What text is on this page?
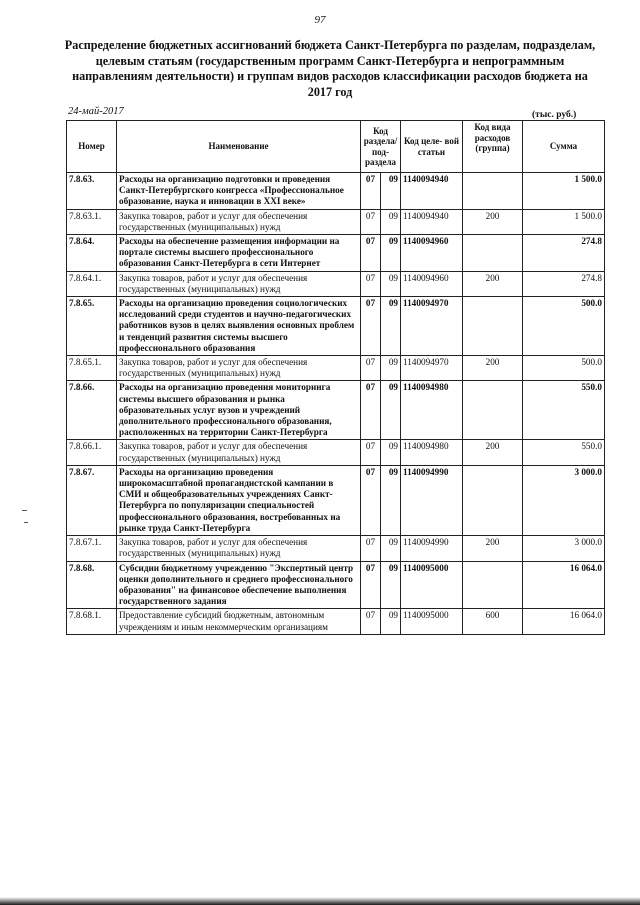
97
Распределение бюджетных ассигнований бюджета Санкт-Петербурга по разделам, подразделам, целевым статьям (государственным программ Санкт-Петербурга и непрограммным направлениям деятельности) и группам видов расходов классификации расходов бюджета на 2017 год
24-май-2017	(тыс. руб.)
Номер	Наименование	Код раздела/ под- раздела		Код целе- вой статьи	Код вида расходов (группа)	Сумма
7.8.63.	Расходы на организацию подготовки и проведения Санкт-Петербургского конгресса «Профессиональное образование, наука и инновации в XXI веке»	07	09	1140094940		1 500.0
7.8.63.1.	Закупка товаров, работ и услуг для обеспечения государственных (муниципальных) нужд	07	09	1140094940	200	1 500.0
7.8.64.	Расходы на обеспечение размещения информации на портале системы высшего профессионального образования Санкт-Петербурга в сети Интернет	07	09	1140094960		274.8
7.8.64.1.	Закупка товаров, работ и услуг для обеспечения государственных (муниципальных) нужд	07	09	1140094960	200	274.8
7.8.65.	Расходы на организацию проведения социологических исследований среди студентов и научно-педагогических работников вузов в целях выявления основных проблем и тенденций развития системы высшего профессионального образования	07	09	1140094970		500.0
7.8.65.1.	Закупка товаров, работ и услуг для обеспечения государственных (муниципальных) нужд	07	09	1140094970	200	500.0
7.8.66.	Расходы на организацию проведения мониторинга системы высшего образования и рынка образовательных услуг вузов и учреждений дополнительного профессионального образования, расположенных на территории Санкт-Петербурга	07	09	1140094980		550.0
7.8.66.1.	Закупка товаров, работ и услуг для обеспечения государственных (муниципальных) нужд	07	09	1140094980	200	550.0
7.8.67.	Расходы на организацию проведения широкомасштабной пропагандистской кампании в СМИ и общеобразовательных учреждениях Санкт-Петербурга по популяризации специальностей профессионального образования, востребованных на рынке труда Санкт-Петербурга	07	09	1140094990		3 000.0
7.8.67.1.	Закупка товаров, работ и услуг для обеспечения государственных (муниципальных) нужд	07	09	1140094990	200	3 000.0
7.8.68.	Субсидии бюджетному учреждению "Экспертный центр оценки дополнительного и среднего профессионального образования" на финансовое обеспечение выполнения государственного задания	07	09	1140095000		16 064.0
7.8.68.1.	Предоставление субсидий бюджетным, автономным учреждениям и иным некоммерческим организациям	07	09	1140095000	600	16 064.0
